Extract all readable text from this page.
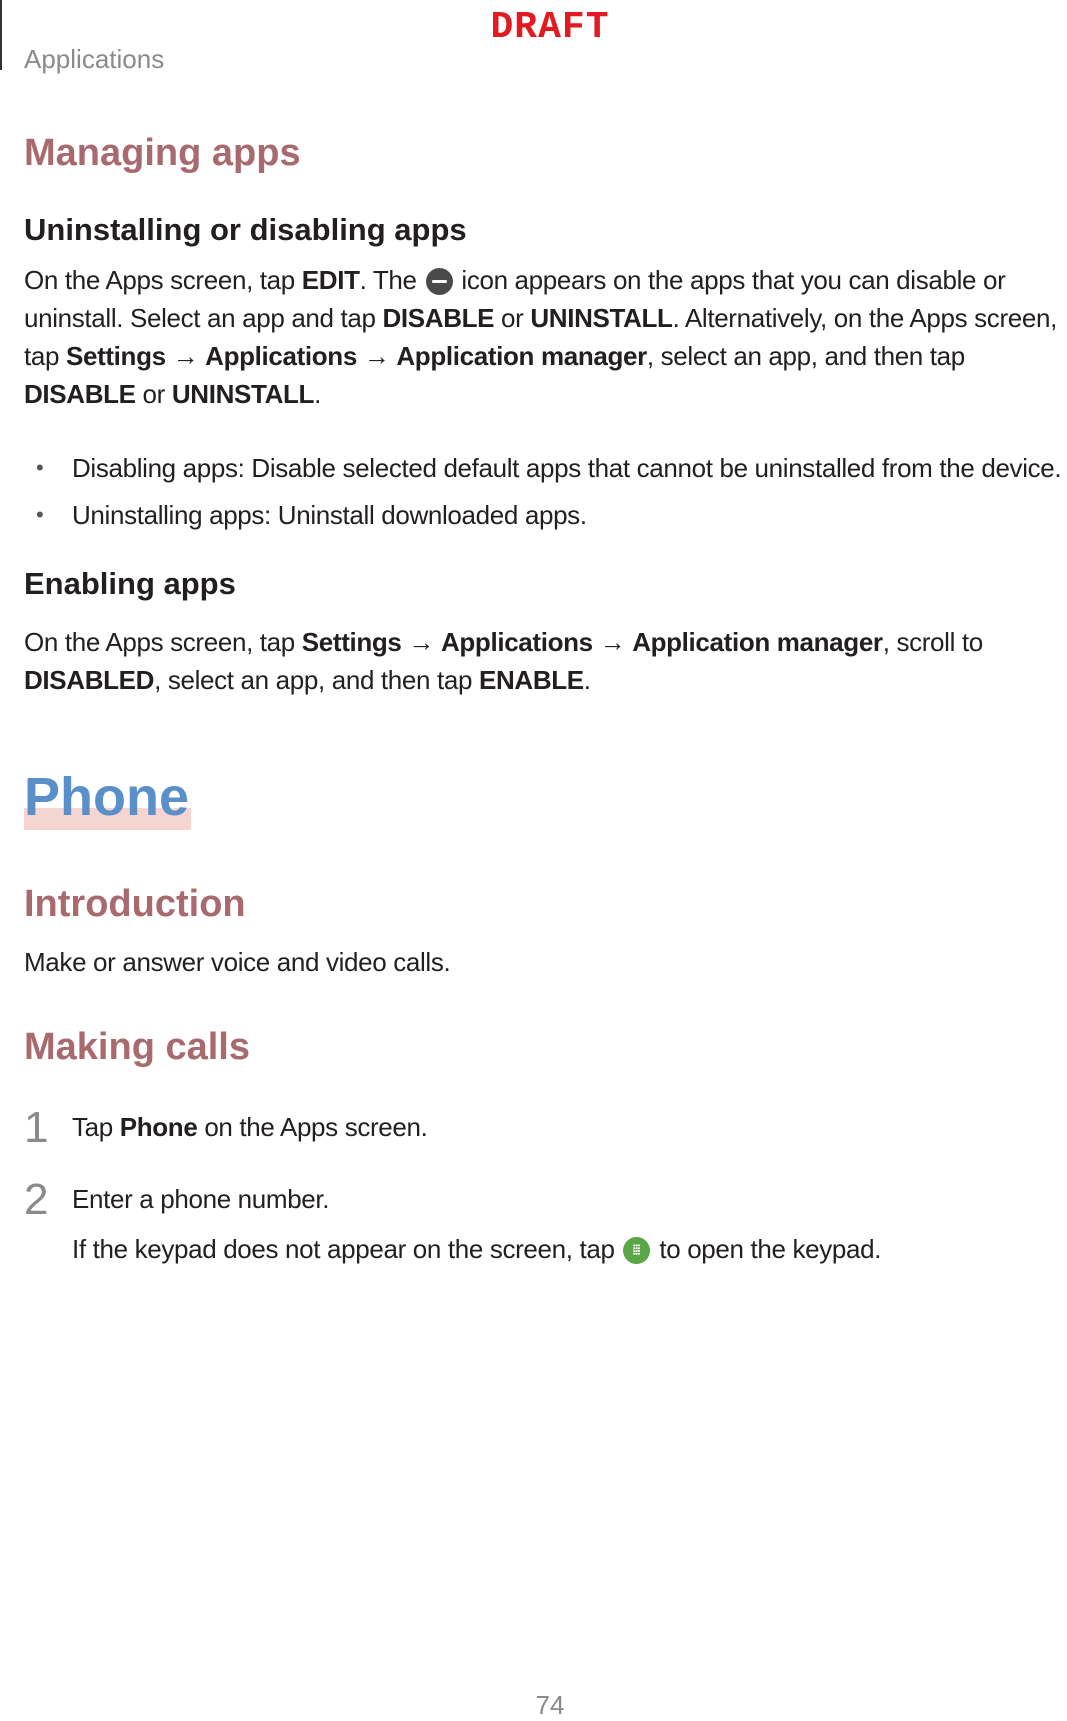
Applications
DRAFT
Managing apps
Uninstalling or disabling apps

On the Apps screen, tap EDIT. The  icon appears on the apps that you can disable or uninstall. Select an app and tap DISABLE or UNINSTALL. Alternatively, on the Apps screen, tap Settings → Applications → Application manager, select an app, and then tap DISABLE or UNINSTALL.

• Disabling apps: Disable selected default apps that cannot be uninstalled from the device.
• Uninstalling apps: Uninstall downloaded apps.
Enabling apps

On the Apps screen, tap Settings → Applications → Application manager, scroll to DISABLED, select an app, and then tap ENABLE.

Phone
Introduction

Make or answer voice and video calls.

Making calls
1 Tap Phone on the Apps screen.
2 Enter a phone number.
If the keypad does not appear on the screen, tap  to open the keypad.
74
